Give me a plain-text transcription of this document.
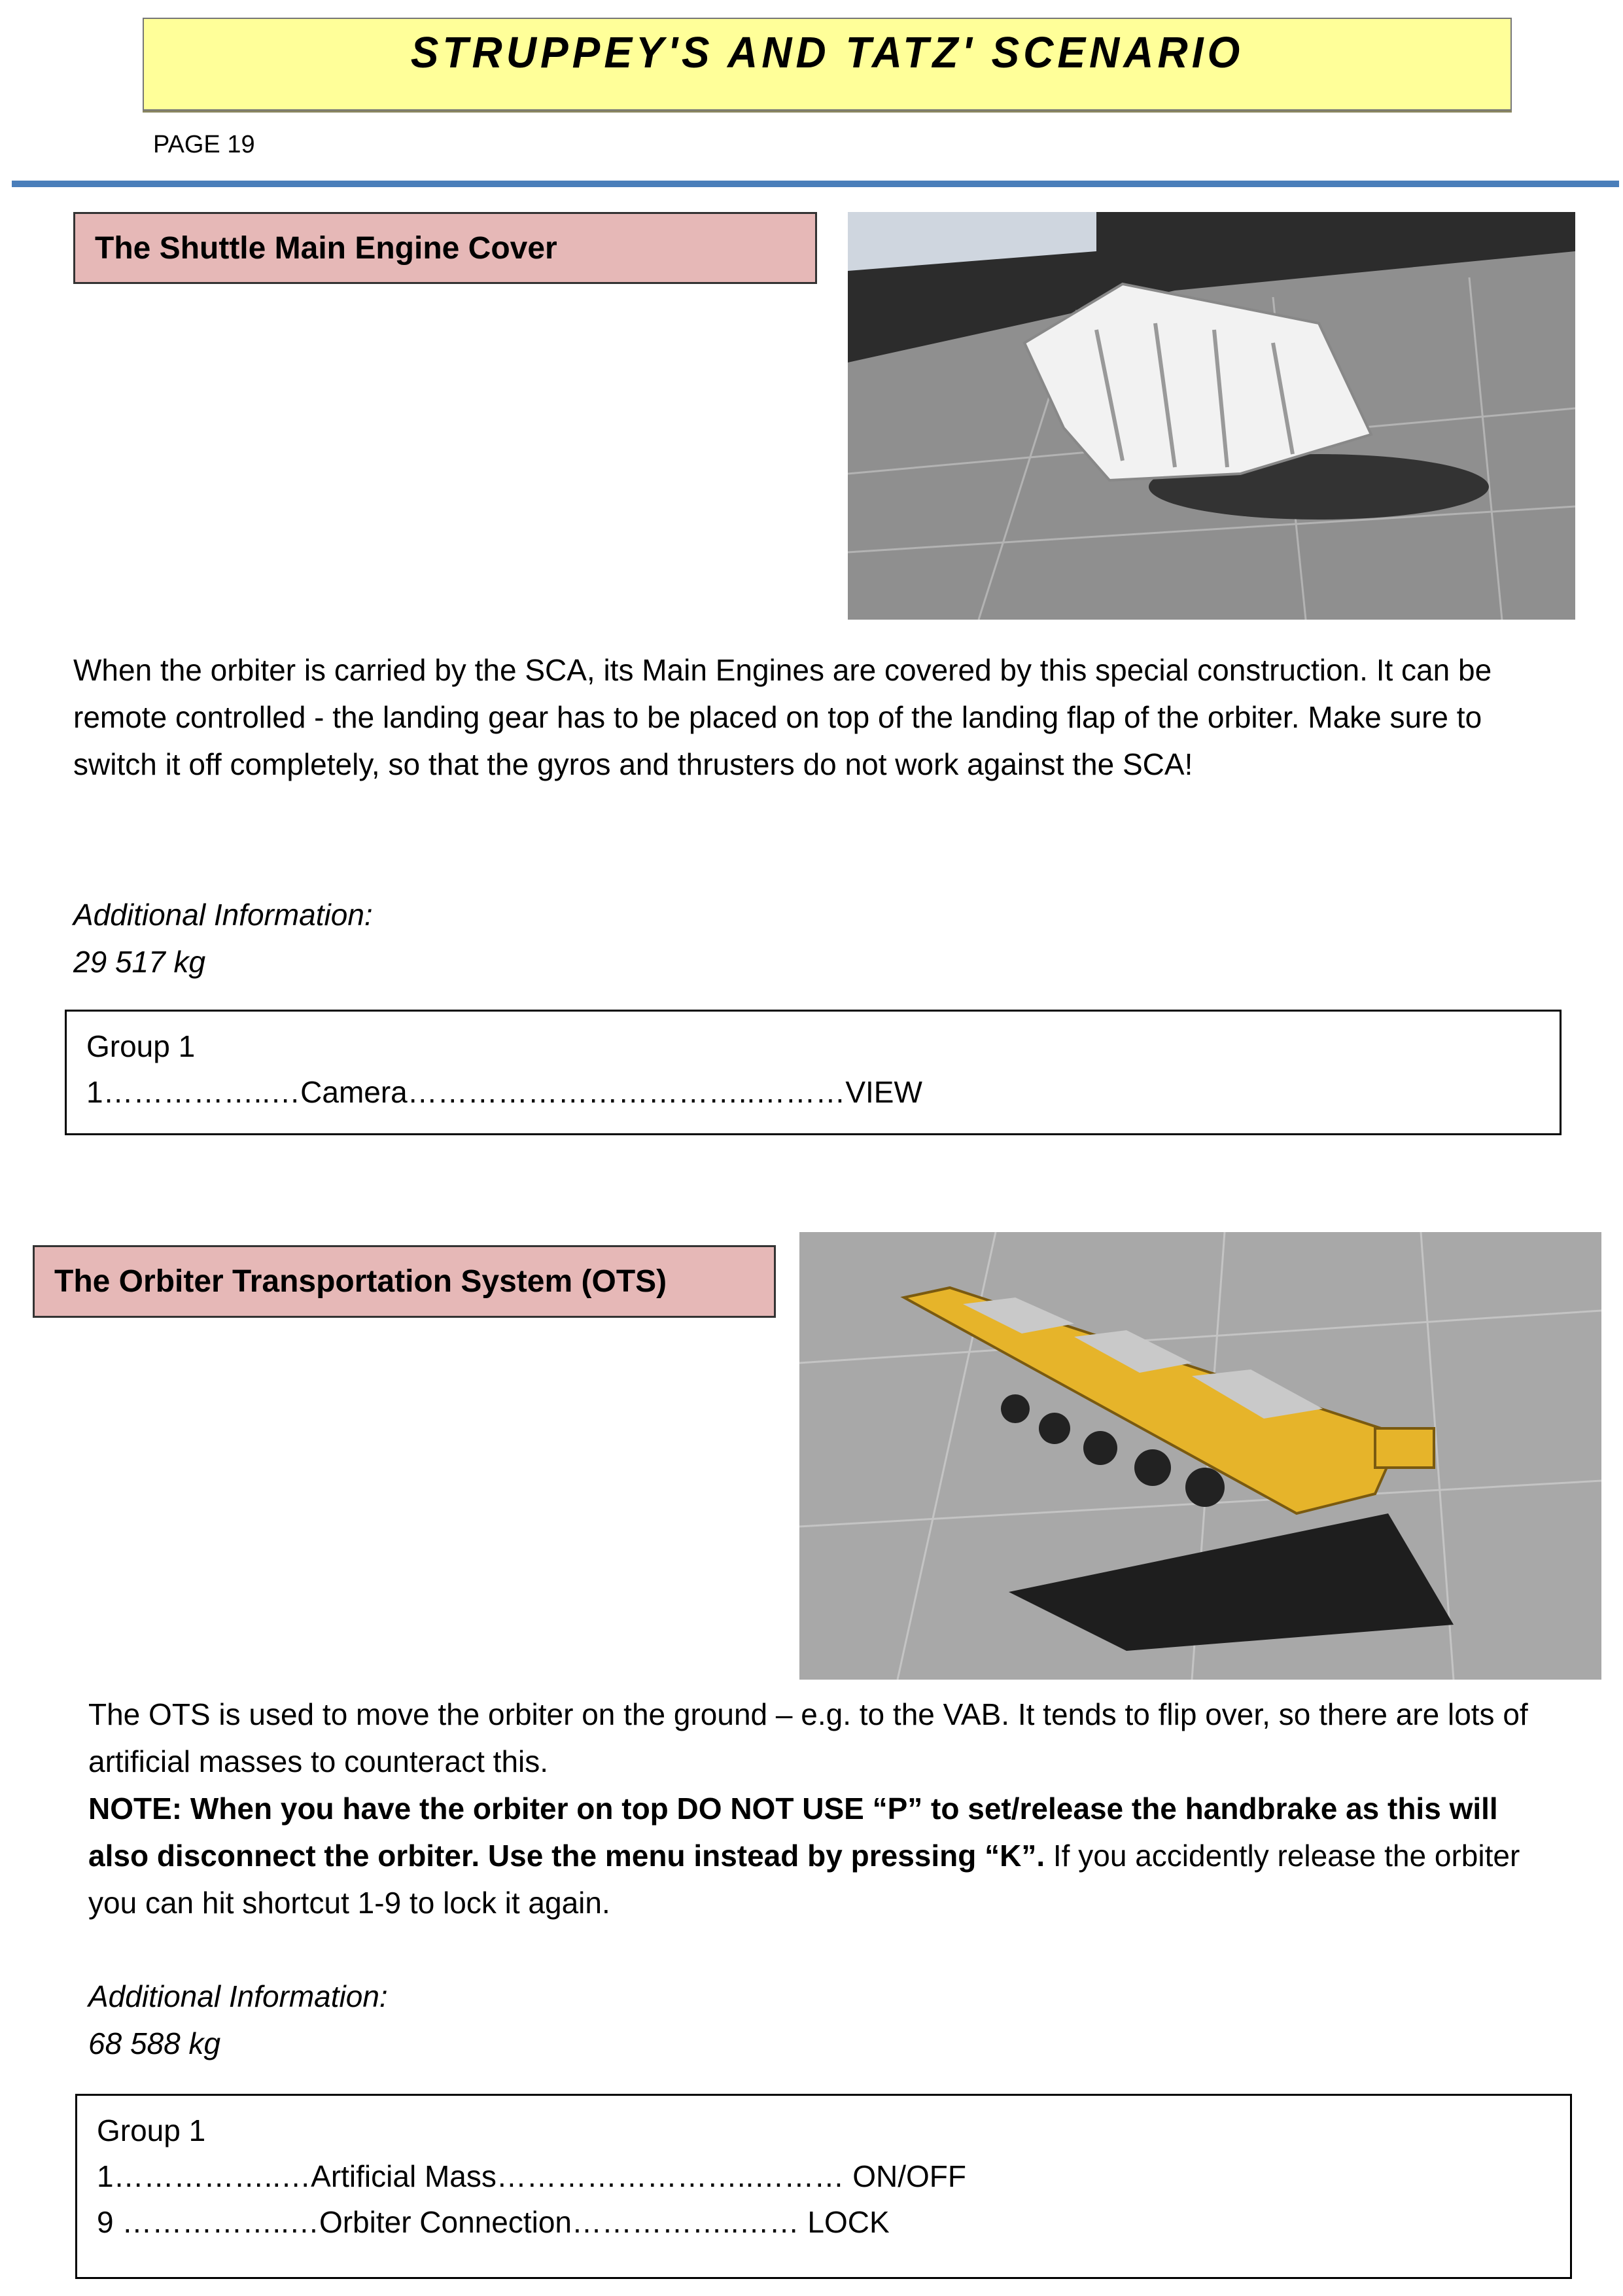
STRUPPEY'S AND TATZ' SCENARIO
PAGE 19
The Shuttle Main Engine Cover
When the orbiter is carried by the SCA, its Main Engines are covered by this special construction. It can be remote controlled - the landing gear has to be placed on top of the landing flap of the orbiter. Make sure to switch it off completely, so that the gyros and thrusters do not work against the SCA!
Additional Information:
29 517 kg
Group 1
1……………..…Camera……………………………..………VIEW
The Orbiter Transportation System (OTS)
The OTS is used to move the orbiter on the ground – e.g. to the VAB. It tends to flip over, so there are lots of artificial masses to counteract this.
NOTE: When you have the orbiter on top DO NOT USE “P” to set/release the handbrake as this will also disconnect the orbiter. Use the menu instead by pressing “K”. If you accidently release the orbiter you can hit shortcut 1-9 to lock it again.
Additional Information:
68 588 kg
Group 1
1……………..…Artificial Mass……………………..……… ON/OFF
9 ……………..…Orbiter Connection……………..…… LOCK
